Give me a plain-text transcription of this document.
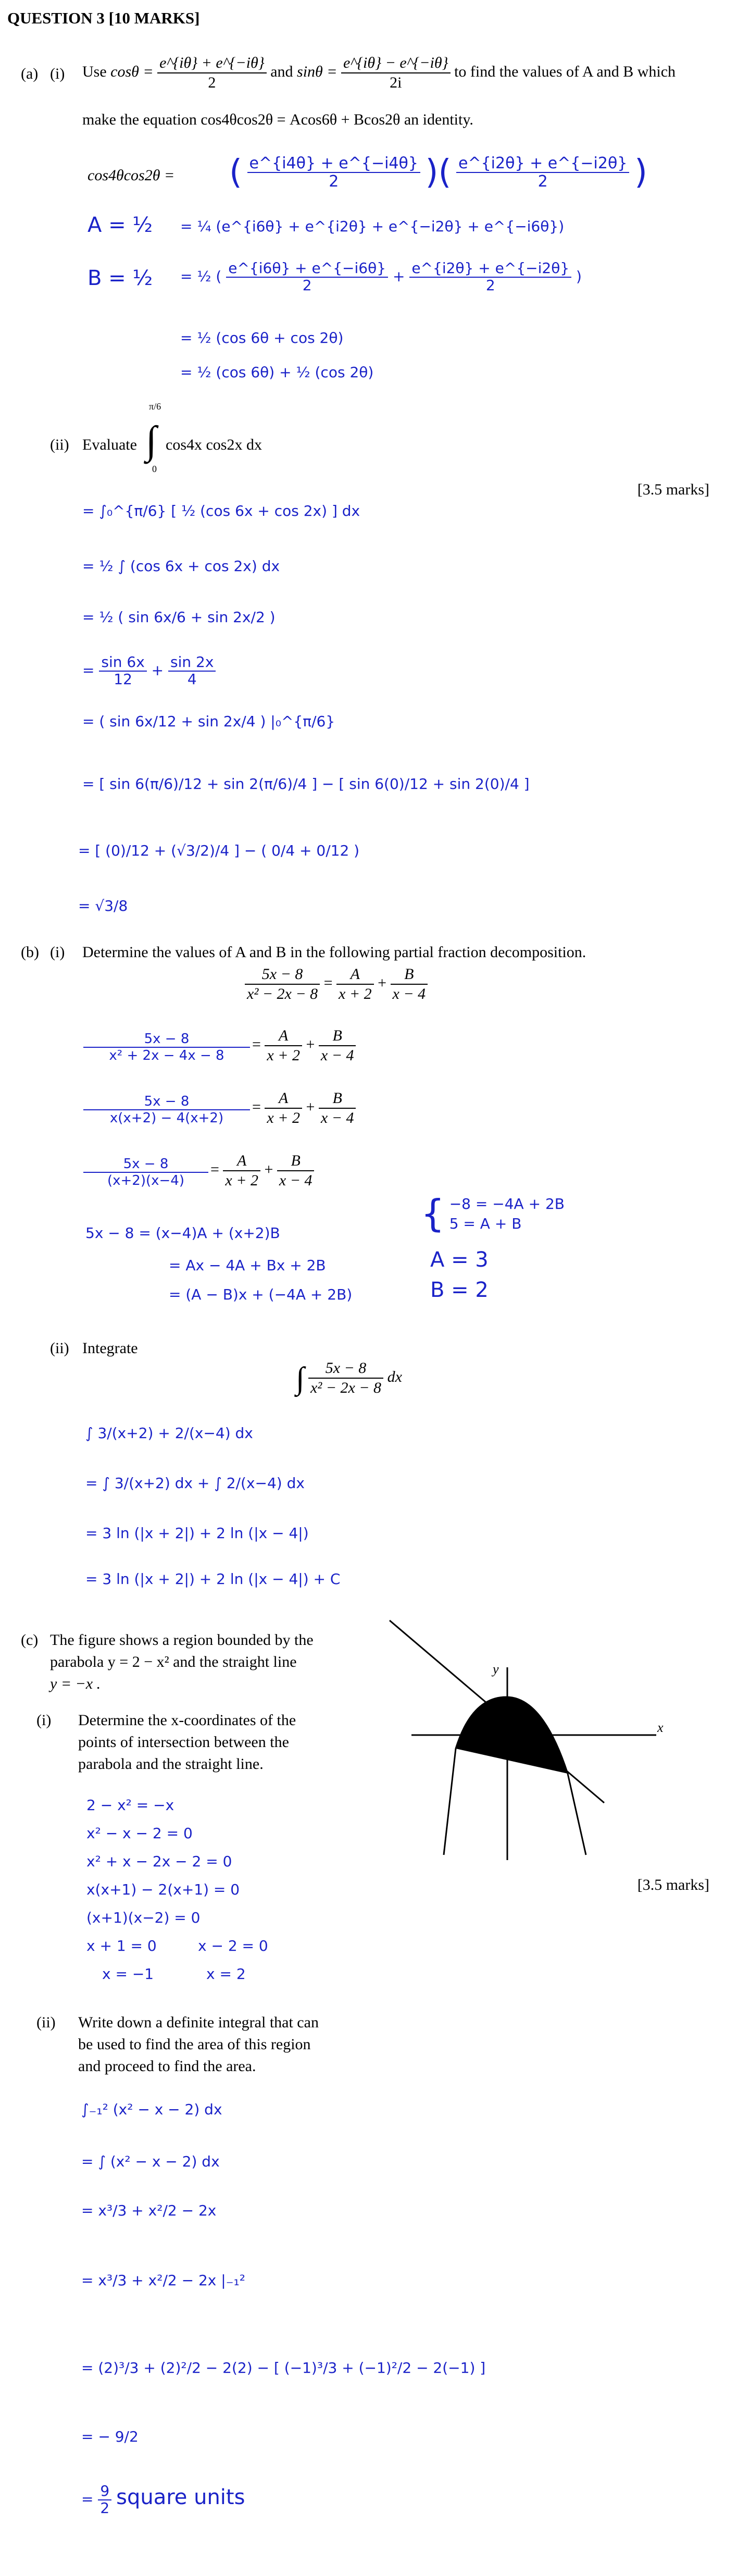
QUESTION 3 [10 MARKS]
(a) (i) Use $\cos\theta = \frac{e\^{}\{i\theta\} + e\^{}\{-i\theta\}}{2}$ and $\sin\theta = \frac{e\^{}\{i\theta\} - e\^{}\{-i\theta\}}{2i}$ to find the values of A and B which
make the equation cos4θcos2θ = Acos6θ + Bcos2θ an identity.
cos4θcos2θ = ( $\frac{e\^{}\{i4\theta\} + e\^{}\{-i4\theta\}}{2}$ )( $\frac{e\^{}\{i2\theta\} + e\^{}\{-i2\theta\}}{2}$ )
A = ½ = ¼ (e^{i6θ} + e^{i2θ} + e^{−i2θ} + e^{−i6θ})
B = ½ = ½ ( $\frac{e\^{}\{i6\theta\} + e\^{}\{-i6\theta\}}{2} + \frac{e\^{}\{i2\theta\} + e\^{}\{-i2\theta\}}{2}$ )
= ½ (cos 6θ + cos 2θ)
= ½ (cos 6θ) + ½ (cos 2θ)
(ii) Evaluate
π/6
∫
0
cos4x cos2x dx
[3.5 marks]
= ∫₀^{π/6} [ ½ (cos 6x + cos 2x) ] dx
= ½ ∫ (cos 6x + cos 2x) dx
= ½ ( sin 6x/6 + sin 2x/2 )
= $\frac{\sin 6x}{12} + \frac{\sin 2x}{4}$
= ( sin 6x/12 + sin 2x/4 ) |₀^{π/6}
= [ sin 6(π/6)/12 + sin 2(π/6)/4 ] − [ sin 6(0)/12 + sin 2(0)/4 ]
= [ (0)/12 + (√3/2)/4 ] − ( 0/4 + 0/12 )
= √3/8
(b) (i) Determine the values of A and B in the following partial fraction decomposition.
$\frac{5x - 8}{\text{x² − 2x − 8}} = \frac{A}{x + 2} + \frac{B}{x - 4}$
$\frac{5x - 8}{\text{x² + 2x − 4x − 8}} = \frac{A}{x + 2} + \frac{B}{x - 4}$
$\frac{5x - 8}{x(x+2) - 4(x+2)} = \frac{A}{x + 2} + \frac{B}{x - 4}$
$\frac{5x - 8}{(x+2)(x-4)} = \frac{A}{x + 2} + \frac{B}{x - 4}$
5x − 8 = (x−4)A + (x+2)B
= Ax − 4A + Bx + 2B
= (A − B)x + (−4A + 2B)
{ −8 = −4A + 2B
5 = A + B
A = 3
B = 2
(ii) Integrate
∫ $\frac{5x - 8}{\text{x² − 2x − 8}}$ dx
∫ 3/(x+2) + 2/(x−4) dx
= ∫ 3/(x+2) dx + ∫ 2/(x−4) dx
= 3 ln (|x + 2|) + 2 ln (|x − 4|)
= 3 ln (|x + 2|) + 2 ln (|x − 4|) + C
(c) The figure shows a region bounded by the
parabola y = 2 − x² and the straight line
y = −x .
y
x
(i) Determine the x-coordinates of the
points of intersection between the
parabola and the straight line.
[3.5 marks]
2 − x² = −x
x² − x − 2 = 0
x² + x − 2x − 2 = 0
x(x+1) − 2(x+1) = 0
(x+1)(x−2) = 0
x + 1 = 0	x − 2 = 0
x = −1	x = 2
(ii) Write down a definite integral that can
be used to find the area of this region
and proceed to find the area.
∫₋₁² (x² − x − 2) dx
= ∫ (x² − x − 2) dx
= x³/3 + x²/2 − 2x
= x³/3 + x²/2 − 2x |₋₁²
= (2)³/3 + (2)²/2 − 2(2) − [ (−1)³/3 + (−1)²/2 − 2(−1) ]
= − 9/2
= $\frac{9}{2}$ square units
